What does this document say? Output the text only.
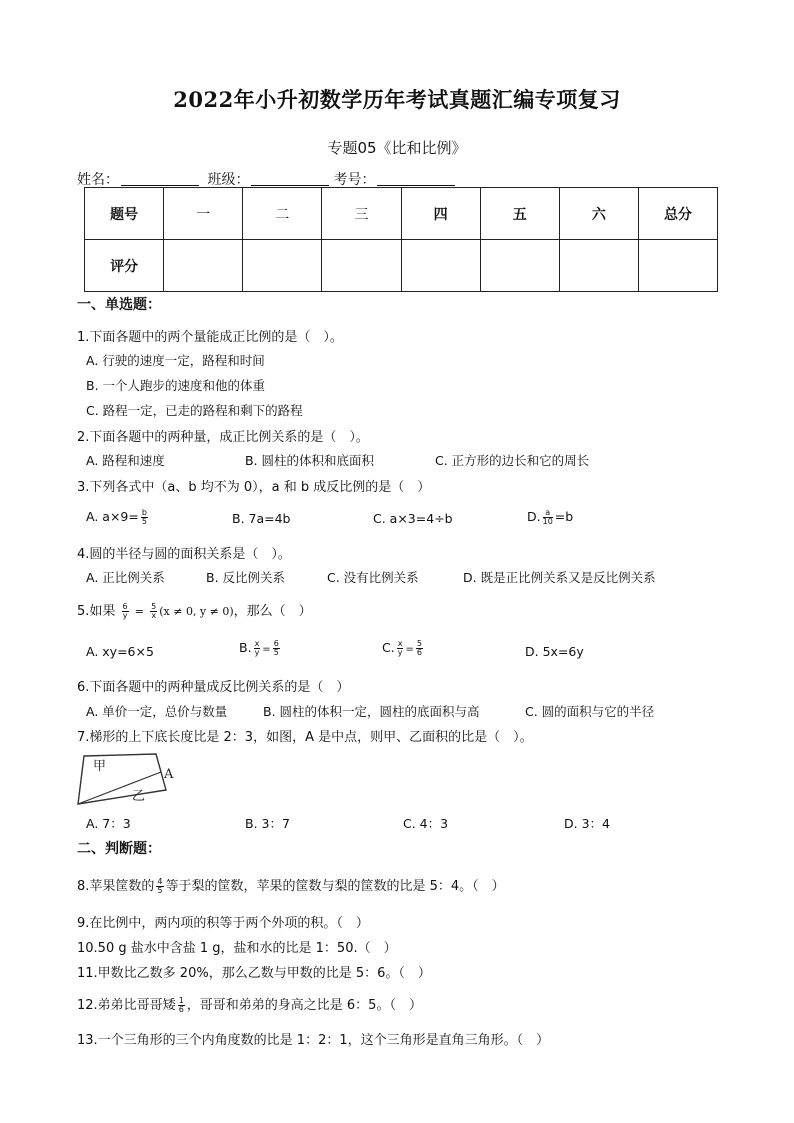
2022年小升初数学历年考试真题汇编专项复习
专题05《比和比例》
姓名：	班级：	考号：
题号	一	二	三	四	五	六	总分
评分							
一、单选题：
1.下面各题中的两个量能成正比例的是（　）。
A. 行驶的速度一定，路程和时间
B. 一个人跑步的速度和他的体重
C. 路程一定，已走的路程和剩下的路程
2.下面各题中的两种量，成正比例关系的是（　）。
A. 路程和速度	B. 圆柱的体积和底面积	C. 正方形的边长和它的周长
3.下列各式中（a、b 均不为 0），a 和 b 成反比例的是（　）
A. $a\times 9= \frac{b}{5}$	B. 7a=4b	C. a×3=4÷b	D. $\frac{a}{10} =b$
4.圆的半径与圆的面积关系是（　）。
A. 正比例关系	B. 反比例关系	C. 没有比例关系	D. 既是正比例关系又是反比例关系
5.如果 $\frac{6}{y} = \frac{5}{x} (x \ne 0$, y ≠ 0)，那么（　）
A. xy=6×5	B. $\frac{x}{y} = \frac{6}{5}$	C. $\frac{x}{y} = \frac{5}{6}$	D. 5x=6y
6.下面各题中的两种量成反比例关系的是（　）
A. 单价一定，总价与数量	B. 圆柱的体积一定，圆柱的底面积与高	C. 圆的面积与它的半径
7.梯形的上下底长度比是 2：3，如图，A 是中点，则甲、乙面积的比是（　）。
甲
乙
A
A. 7：3	B. 3：7	C. 4：3	D. 3：4
二、判断题：
8.苹果筐数的 $\frac{4}{5}$ 等于梨的筐数，苹果的筐数与梨的筐数的比是 5：4。（　）
9.在比例中，两内项的积等于两个外项的积。（　）
10.50 g 盐水中含盐 1 g，盐和水的比是 1：50.（　）
11.甲数比乙数多 20%，那么乙数与甲数的比是 5：6。（　）
12.弟弟比哥哥矮 $\frac{1}{6}$ ，哥哥和弟弟的身高之比是 6：5。（　）
13.一个三角形的三个内角度数的比是 1：2：1，这个三角形是直角三角形。（　）
